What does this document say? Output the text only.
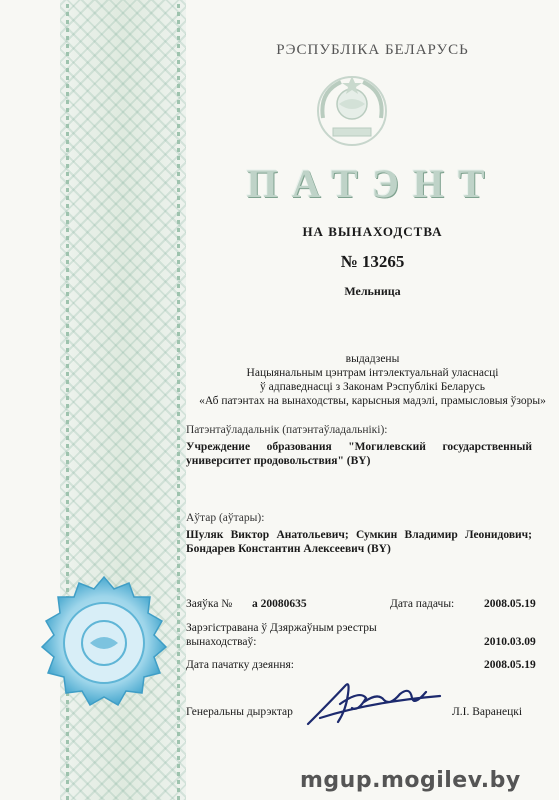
РЭСПУБЛІКА БЕЛАРУСЬ
ПАТЭНТ
НА ВЫНАХОДСТВА
№ 13265
Мельница
выдадзены
Нацыянальным цэнтрам інтэлектуальнай уласнасці
ў адпаведнасці з Законам Рэспублікі Беларусь
«Аб патэнтах на вынаходствы, карысныя мадэлі, прамысловыя ўзоры»
Патэнтаўладальнік (патэнтаўладальнікі):
Учреждение образования "Могилевский государственный университет продовольствия" (BY)
Аўтар (аўтары):
Шуляк Виктор Анатольевич; Сумкин Владимир Леонидович; Бондарев Константин Алексеевич (BY)
Заяўка № a 20080635	Дата падачы:	2008.05.19
Зарэгістравана ў Дзяржаўным рэестры
вынаходстваў:	2010.03.09
Дата пачатку дзеяння:	2008.05.19
Генеральны дырэктар	Л.І. Варанецкі
mgup.mogilev.by
